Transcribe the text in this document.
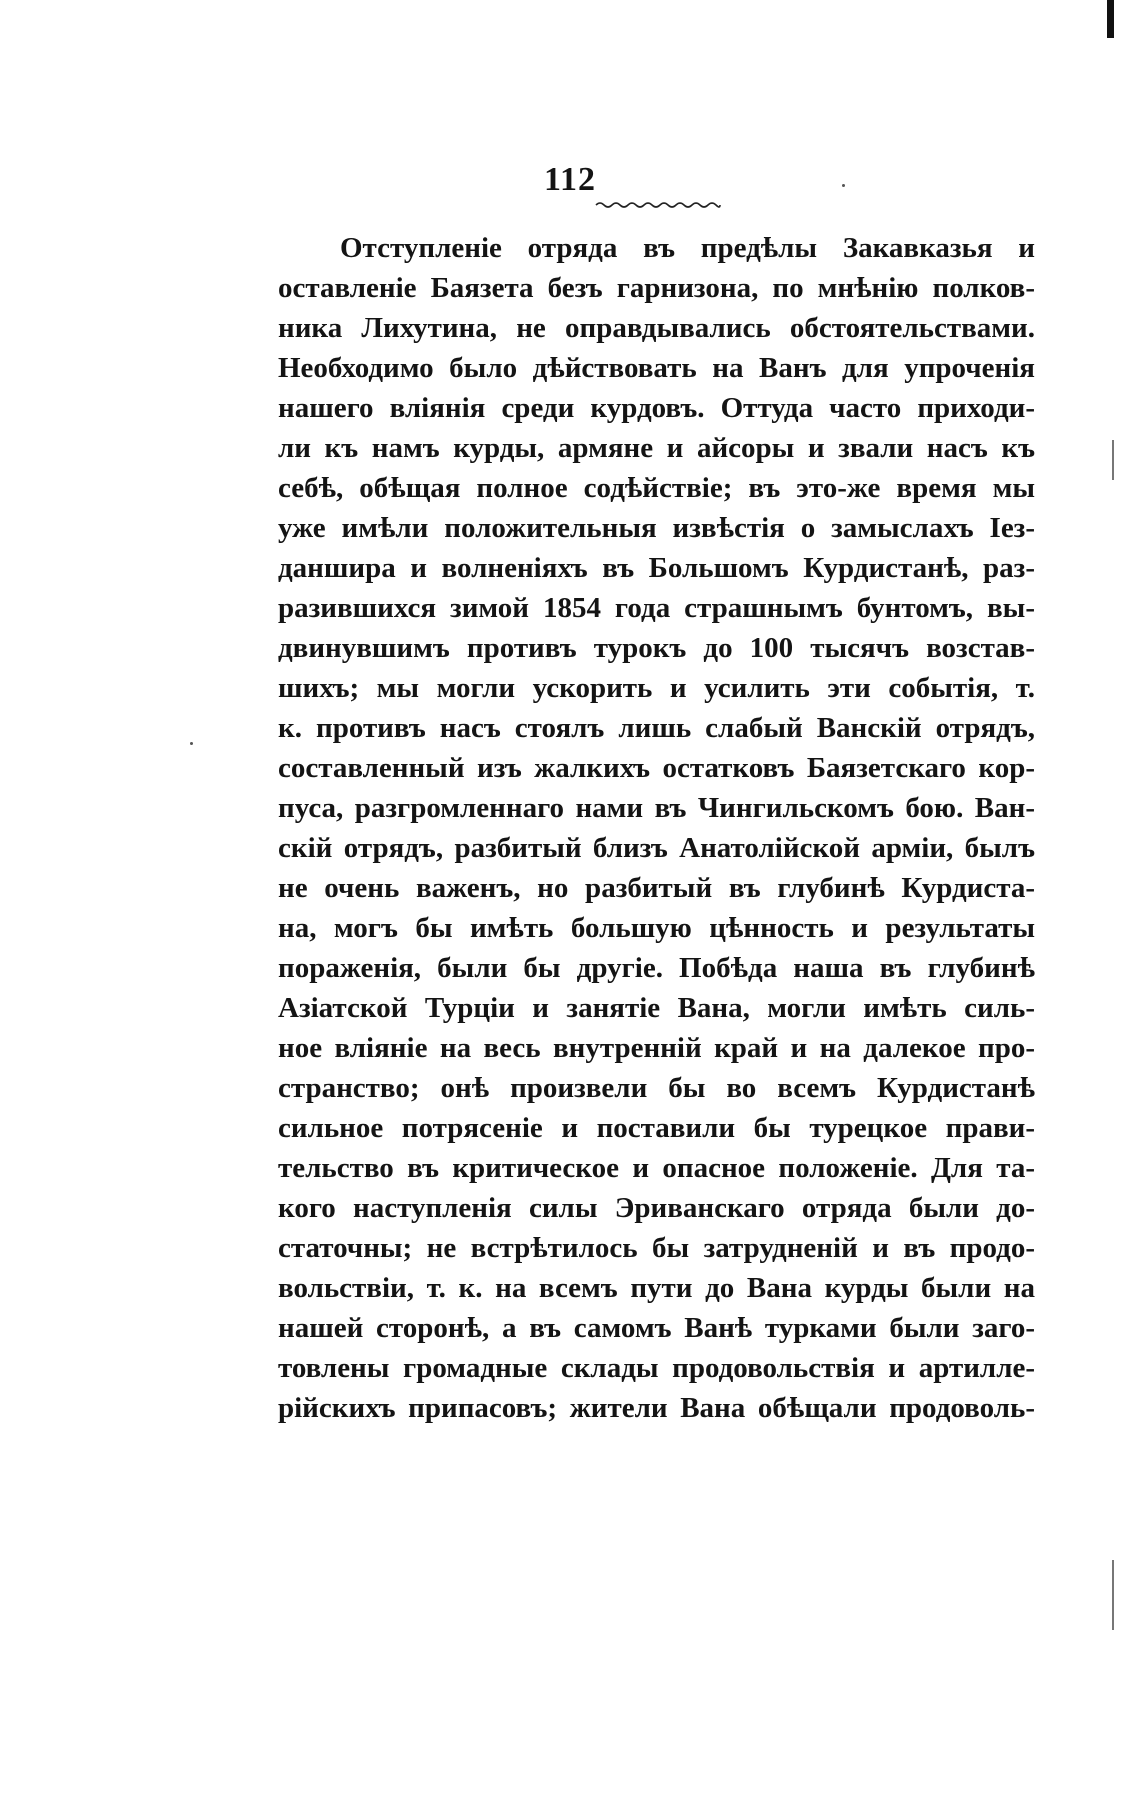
112
Отступленіе отряда въ предѣлы Закавказья и
оставленіе Баязета безъ гарнизона, по мнѣнію полков-
ника Лихутина, не оправдывались обстоятельствами.
Необходимо было дѣйствовать на Ванъ для упроченія
нашего вліянія среди курдовъ. Оттуда часто приходи-
ли къ намъ курды, армяне и айсоры и звали насъ къ
себѣ, обѣщая полное содѣйствіе; въ это-же время мы
уже имѣли положительныя извѣстія о замыслахъ Іез-
даншира и волненіяхъ въ Большомъ Курдистанѣ, раз-
разившихся зимой 1854 года страшнымъ бунтомъ, вы-
двинувшимъ противъ турокъ до 100 тысячъ возстав-
шихъ; мы могли ускорить и усилить эти событія, т.
к. противъ насъ стоялъ лишь слабый Ванскій отрядъ,
составленный изъ жалкихъ остатковъ Баязетскаго кор-
пуса, разгромленнаго нами въ Чингильскомъ бою. Ван-
скій отрядъ, разбитый близъ Анатолійской арміи, былъ
не очень важенъ, но разбитый въ глубинѣ Курдиста-
на, могъ бы имѣть большую цѣнность и результаты
пораженія, были бы другіе. Побѣда наша въ глубинѣ
Азіатской Турціи и занятіе Вана, могли имѣть силь-
ное вліяніе на весь внутренній край и на далекое про-
странство; онѣ произвели бы во всемъ Курдистанѣ
сильное потрясеніе и поставили бы турецкое прави-
тельство въ критическое и опасное положеніе. Для та-
кого наступленія силы Эриванскаго отряда были до-
статочны; не встрѣтилось бы затрудненій и въ продо-
вольствіи, т. к. на всемъ пути до Вана курды были на
нашей сторонѣ, а въ самомъ Ванѣ турками были заго-
товлены громадные склады продовольствія и артилле-
рійскихъ припасовъ; жители Вана обѣщали продоволь-
